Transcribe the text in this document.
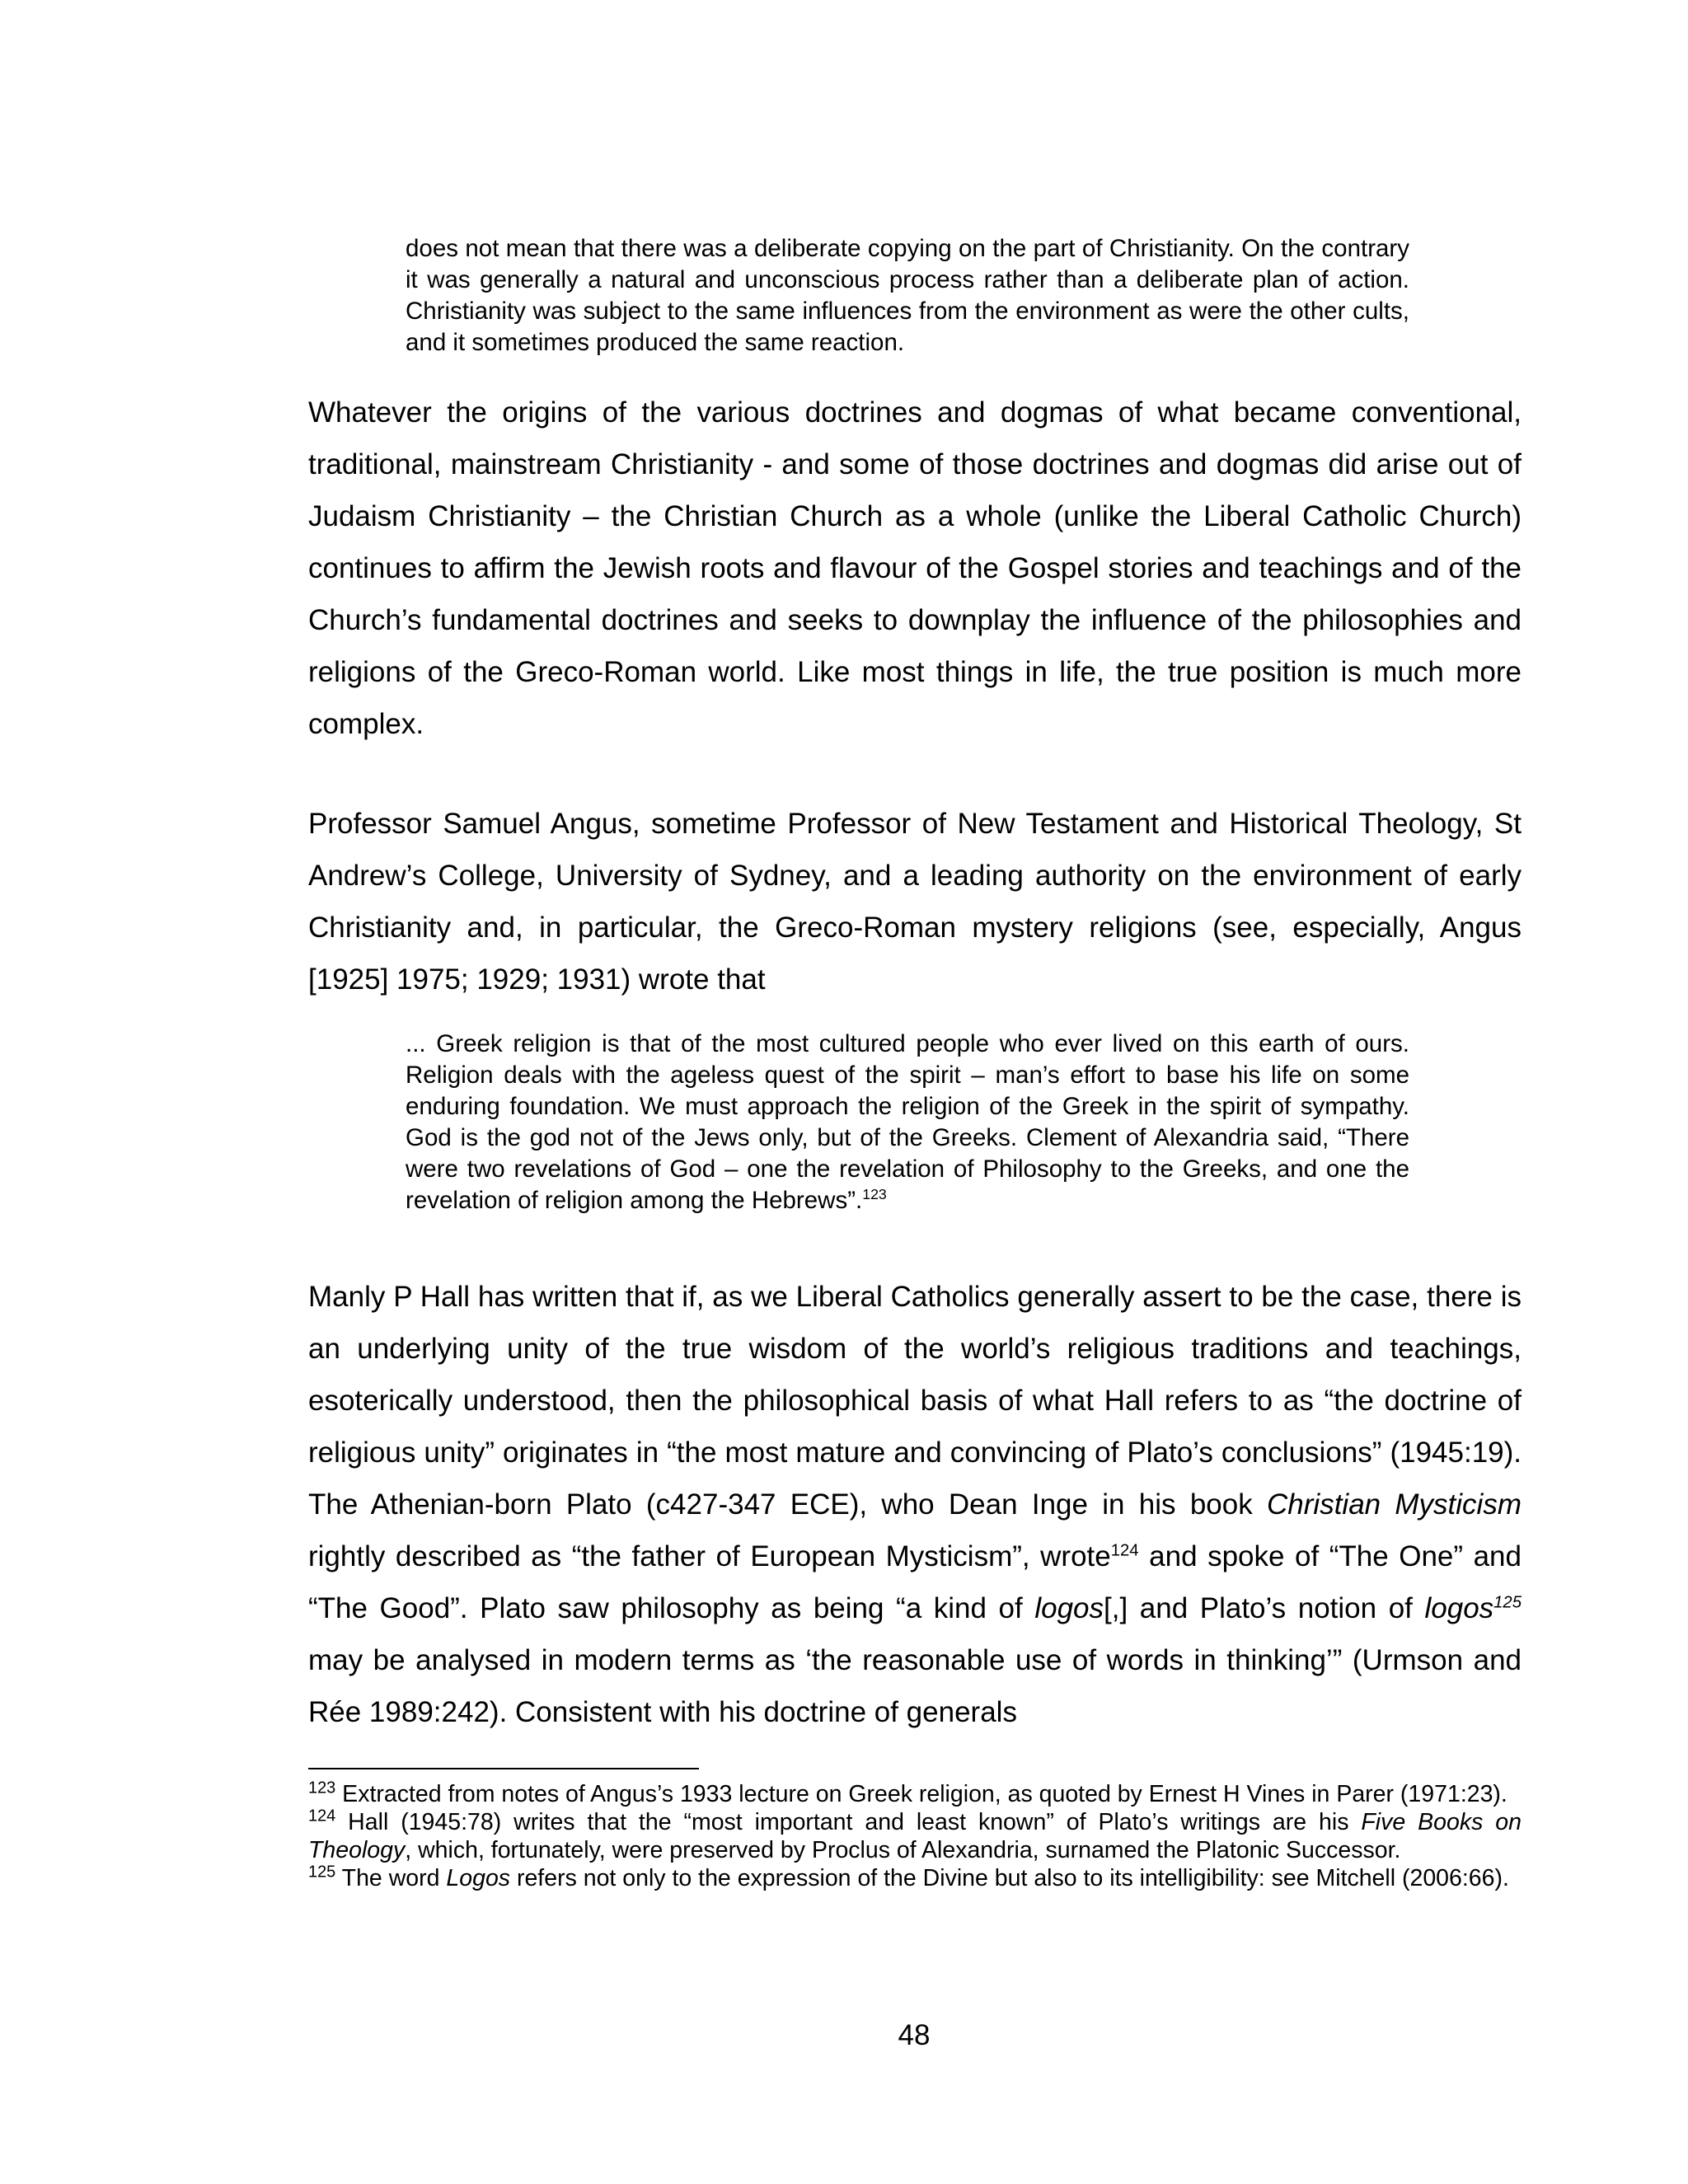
does not mean that there was a deliberate copying on the part of Christianity. On the contrary it was generally a natural and unconscious process rather than a deliberate plan of action. Christianity was subject to the same influences from the environment as were the other cults, and it sometimes produced the same reaction.

Whatever the origins of the various doctrines and dogmas of what became conventional, traditional, mainstream Christianity - and some of those doctrines and dogmas did arise out of Judaism Christianity – the Christian Church as a whole (unlike the Liberal Catholic Church) continues to affirm the Jewish roots and flavour of the Gospel stories and teachings and of the Church’s fundamental doctrines and seeks to downplay the influence of the philosophies and religions of the Greco-Roman world. Like most things in life, the true position is much more complex.

Professor Samuel Angus, sometime Professor of New Testament and Historical Theology, St Andrew’s College, University of Sydney, and a leading authority on the environment of early Christianity and, in particular, the Greco-Roman mystery religions (see, especially, Angus [1925] 1975; 1929; 1931) wrote that

... Greek religion is that of the most cultured people who ever lived on this earth of ours. Religion deals with the ageless quest of the spirit – man’s effort to base his life on some enduring foundation. We must approach the religion of the Greek in the spirit of sympathy. God is the god not of the Jews only, but of the Greeks. Clement of Alexandria said, “There were two revelations of God – one the revelation of Philosophy to the Greeks, and one the revelation of religion among the Hebrews”.$^{123}$

Manly P Hall has written that if, as we Liberal Catholics generally assert to be the case, there is an underlying unity of the true wisdom of the world’s religious traditions and teachings, esoterically understood, then the philosophical basis of what Hall refers to as “the doctrine of religious unity” originates in “the most mature and convincing of Plato’s conclusions” (1945:19). The Athenian-born Plato (c427-347 ECE), who Dean Inge in his book Christian Mysticism rightly described as “the father of European Mysticism”, wrote$^{124}$ and spoke of “The One” and “The Good”. Plato saw philosophy as being “a kind of logos[,] and Plato’s notion of logos$^{125}$ may be analysed in modern terms as ‘the reasonable use of words in thinking’” (Urmson and Rée 1989:242). Consistent with his doctrine of generals

$^{123}$ Extracted from notes of Angus’s 1933 lecture on Greek religion, as quoted by Ernest H Vines in Parer (1971:23).

$^{124}$ Hall (1945:78) writes that the “most important and least known” of Plato’s writings are his Five Books on Theology, which, fortunately, were preserved by Proclus of Alexandria, surnamed the Platonic Successor.

$^{125}$ The word Logos refers not only to the expression of the Divine but also to its intelligibility: see Mitchell (2006:66).

48
